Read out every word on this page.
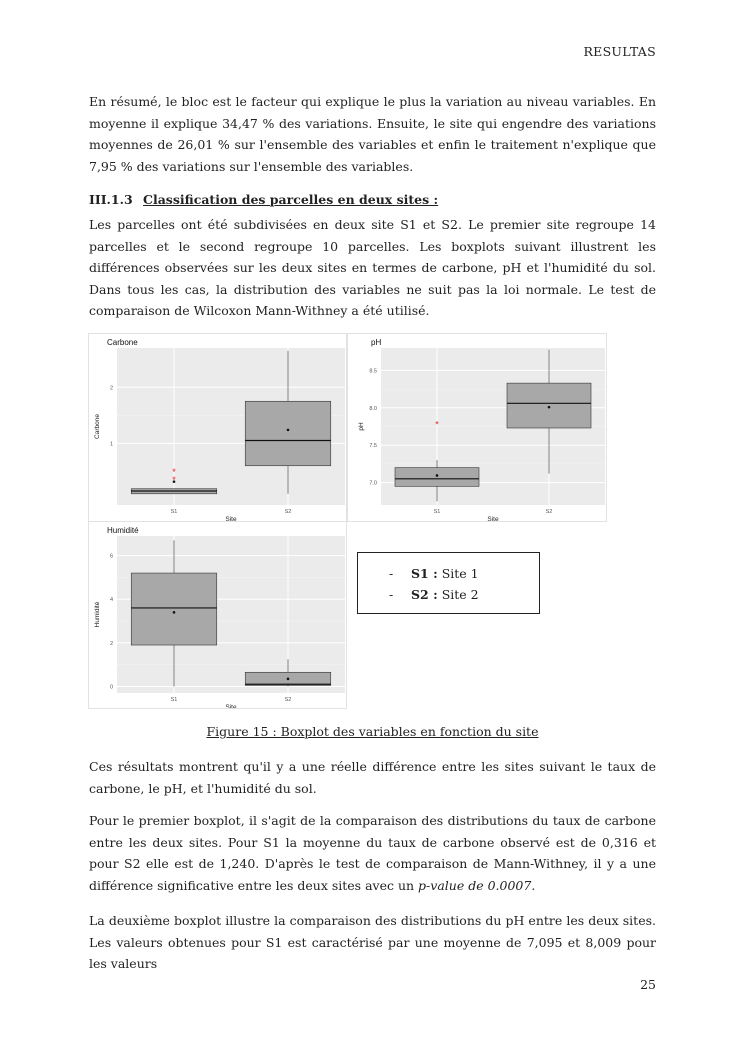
RESULTAS

En résumé, le bloc est le facteur qui explique le plus la variation au niveau variables. En moyenne il explique 34,47 % des variations. Ensuite, le site qui engendre des variations moyennes de 26,01 % sur l'ensemble des variables et enfin le traitement n'explique que 7,95 % des variations sur l'ensemble des variables.

III.1.3 Classification des parcelles en deux sites :

Les parcelles ont été subdivisées en deux site S1 et S2. Le premier site regroupe 14 parcelles et le second regroupe 10 parcelles. Les boxplots suivant illustrent les différences observées sur les deux sites en termes de carbone, pH et l'humidité du sol. Dans tous les cas, la distribution des variables ne suit pas la loi normale. Le test de comparaison de Wilcoxon Mann-Withney a été utilisé.

Carbone
1
2
S1	S2
Site
Carbone
*
*
pH
7.0
7.5
8.0
8.5
S1	S2
Site
pH	*
Humidité
0
2
4
6
S1	S2
Site
Humidité
- S1 : Site 1
- S2 : Site 2
Figure 15 : Boxplot des variables en fonction du site

Ces résultats montrent qu'il y a une réelle différence entre les sites suivant le taux de carbone, le pH, et l'humidité du sol.

Pour le premier boxplot, il s'agit de la comparaison des distributions du taux de carbone entre les deux sites. Pour S1 la moyenne du taux de carbone observé est de 0,316 et pour S2 elle est de 1,240. D'après le test de comparaison de Mann-Withney, il y a une différence significative entre les deux sites avec un p-value de 0.0007.

La deuxième boxplot illustre la comparaison des distributions du pH entre les deux sites. Les valeurs obtenues pour S1 est caractérisé par une moyenne de 7,095 et 8,009 pour les valeurs

25
